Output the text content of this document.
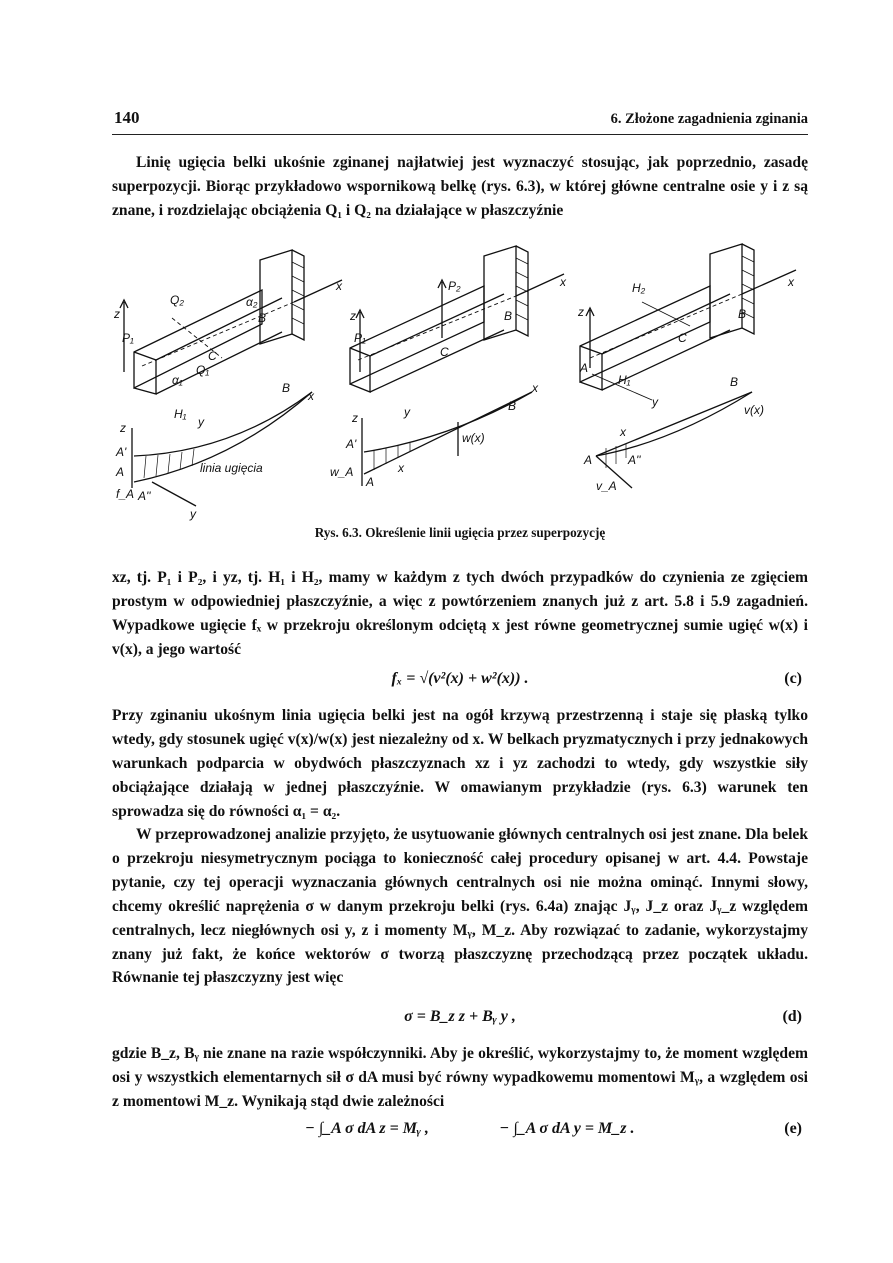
140	6. Złożone zagadnienia zginania

Linię ugięcia belki ukośnie zginanej najłatwiej jest wyznaczyć stosując, jak poprzednio, zasadę superpozycji. Biorąc przykładowo wspornikową belkę (rys. 6.3), w której główne centralne osie y i z są znane, i rozdzielając obciążenia Q₁ i Q₂ na działające w płaszczyźnie

z
x
B
C
Q₂
Q₁
P₁
α₁
α₂
H₁
y
z
B
x
A'
A
f_A A''
linia ugięcia
y
z
P₁
P₂
C
B
x
z	y
A'
A
w_A	x
B
x
w(x)
z
H₂
C
B
x
A
H₁
y
A	A''
v_A
x
B
v(x)
Rys. 6.3. Określenie linii ugięcia przez superpozycję

xz, tj. P₁ i P₂, i yz, tj. H₁ i H₂, mamy w każdym z tych dwóch przypadków do czynienia ze zgięciem prostym w odpowiedniej płaszczyźnie, a więc z powtórzeniem znanych już z art. 5.8 i 5.9 zagadnień. Wypadkowe ugięcie fₓ w przekroju określonym odciętą x jest równe geometrycznej sumie ugięć w(x) i v(x), a jego wartość

fₓ = √(v²(x) + w²(x)) .	(c)

Przy zginaniu ukośnym linia ugięcia belki jest na ogół krzywą przestrzenną i staje się płaską tylko wtedy, gdy stosunek ugięć v(x)/w(x) jest niezależny od x. W belkach pryzmatycznych i przy jednakowych warunkach podparcia w obydwóch płaszczyznach xz i yz zachodzi to wtedy, gdy wszystkie siły obciążające działają w jednej płaszczyźnie. W omawianym przykładzie (rys. 6.3) warunek ten sprowadza się do równości α₁ = α₂.

W przeprowadzonej analizie przyjęto, że usytuowanie głównych centralnych osi jest znane. Dla belek o przekroju niesymetrycznym pociąga to konieczność całej procedury opisanej w art. 4.4. Powstaje pytanie, czy tej operacji wyznaczania głównych centralnych osi nie można ominąć. Innymi słowy, chcemy określić naprężenia σ w danym przekroju belki (rys. 6.4a) znając Jᵧ, J_z oraz Jᵧ_z względem centralnych, lecz niegłównych osi y, z i momenty Mᵧ, M_z. Aby rozwiązać to zadanie, wykorzystajmy znany już fakt, że końce wektorów σ tworzą płaszczyznę przechodzącą przez początek układu. Równanie tej płaszczyzny jest więc

σ = B_z z + Bᵧ y ,	(d)

gdzie B_z, Bᵧ nie znane na razie współczynniki. Aby je określić, wykorzystajmy to, że moment względem osi y wszystkich elementarnych sił σ dA musi być równy wypadkowemu momentowi Mᵧ, a względem osi z momentowi M_z. Wynikają stąd dwie zależności

− ∫_A σ dA z = Mᵧ ,	− ∫_A σ dA y = M_z .	(e)
